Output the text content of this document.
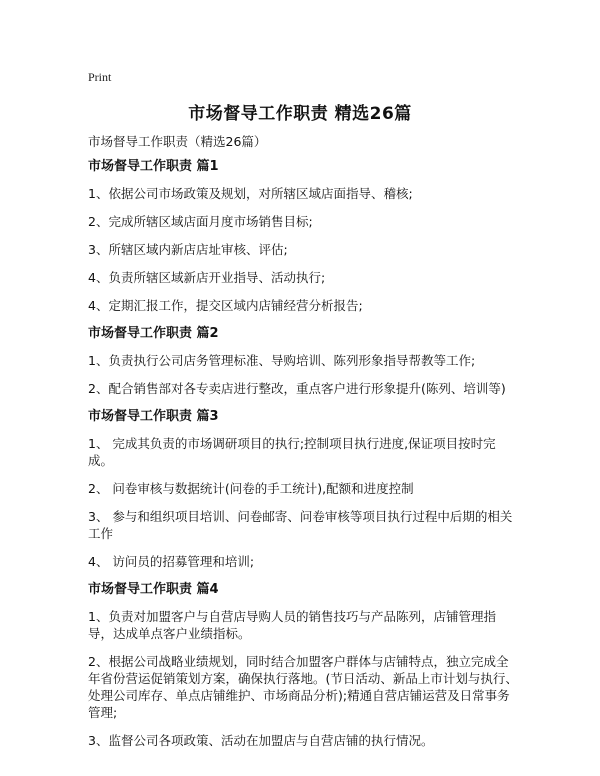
Print
市场督导工作职责 精选26篇
市场督导工作职责（精选26篇）
市场督导工作职责 篇1
1、依据公司市场政策及规划，对所辖区域店面指导、稽核;
2、完成所辖区域店面月度市场销售目标;
3、所辖区域内新店店址审核、评估;
4、负责所辖区域新店开业指导、活动执行;
4、定期汇报工作，提交区域内店铺经营分析报告;
市场督导工作职责 篇2
1、负责执行公司店务管理标准、导购培训、陈列形象指导帮教等工作;
2、配合销售部对各专卖店进行整改，重点客户进行形象提升(陈列、培训等)
市场督导工作职责 篇3
1、 完成其负责的市场调研项目的执行;控制项目执行进度,保证项目按时完成。
2、 问卷审核与数据统计(问卷的手工统计),配额和进度控制
3、 参与和组织项目培训、问卷邮寄、问卷审核等项目执行过程中后期的相关工作
4、 访问员的招募管理和培训;
市场督导工作职责 篇4
1、负责对加盟客户与自营店导购人员的销售技巧与产品陈列，店铺管理指导，达成单点客户业绩指标。
2、根据公司战略业绩规划，同时结合加盟客户群体与店铺特点，独立完成全年省份营运促销策划方案，确保执行落地。(节日活动、新品上市计划与执行、处理公司库存、单点店铺维护、市场商品分析);精通自营店铺运营及日常事务管理;
3、监督公司各项政策、活动在加盟店与自营店铺的执行情况。
